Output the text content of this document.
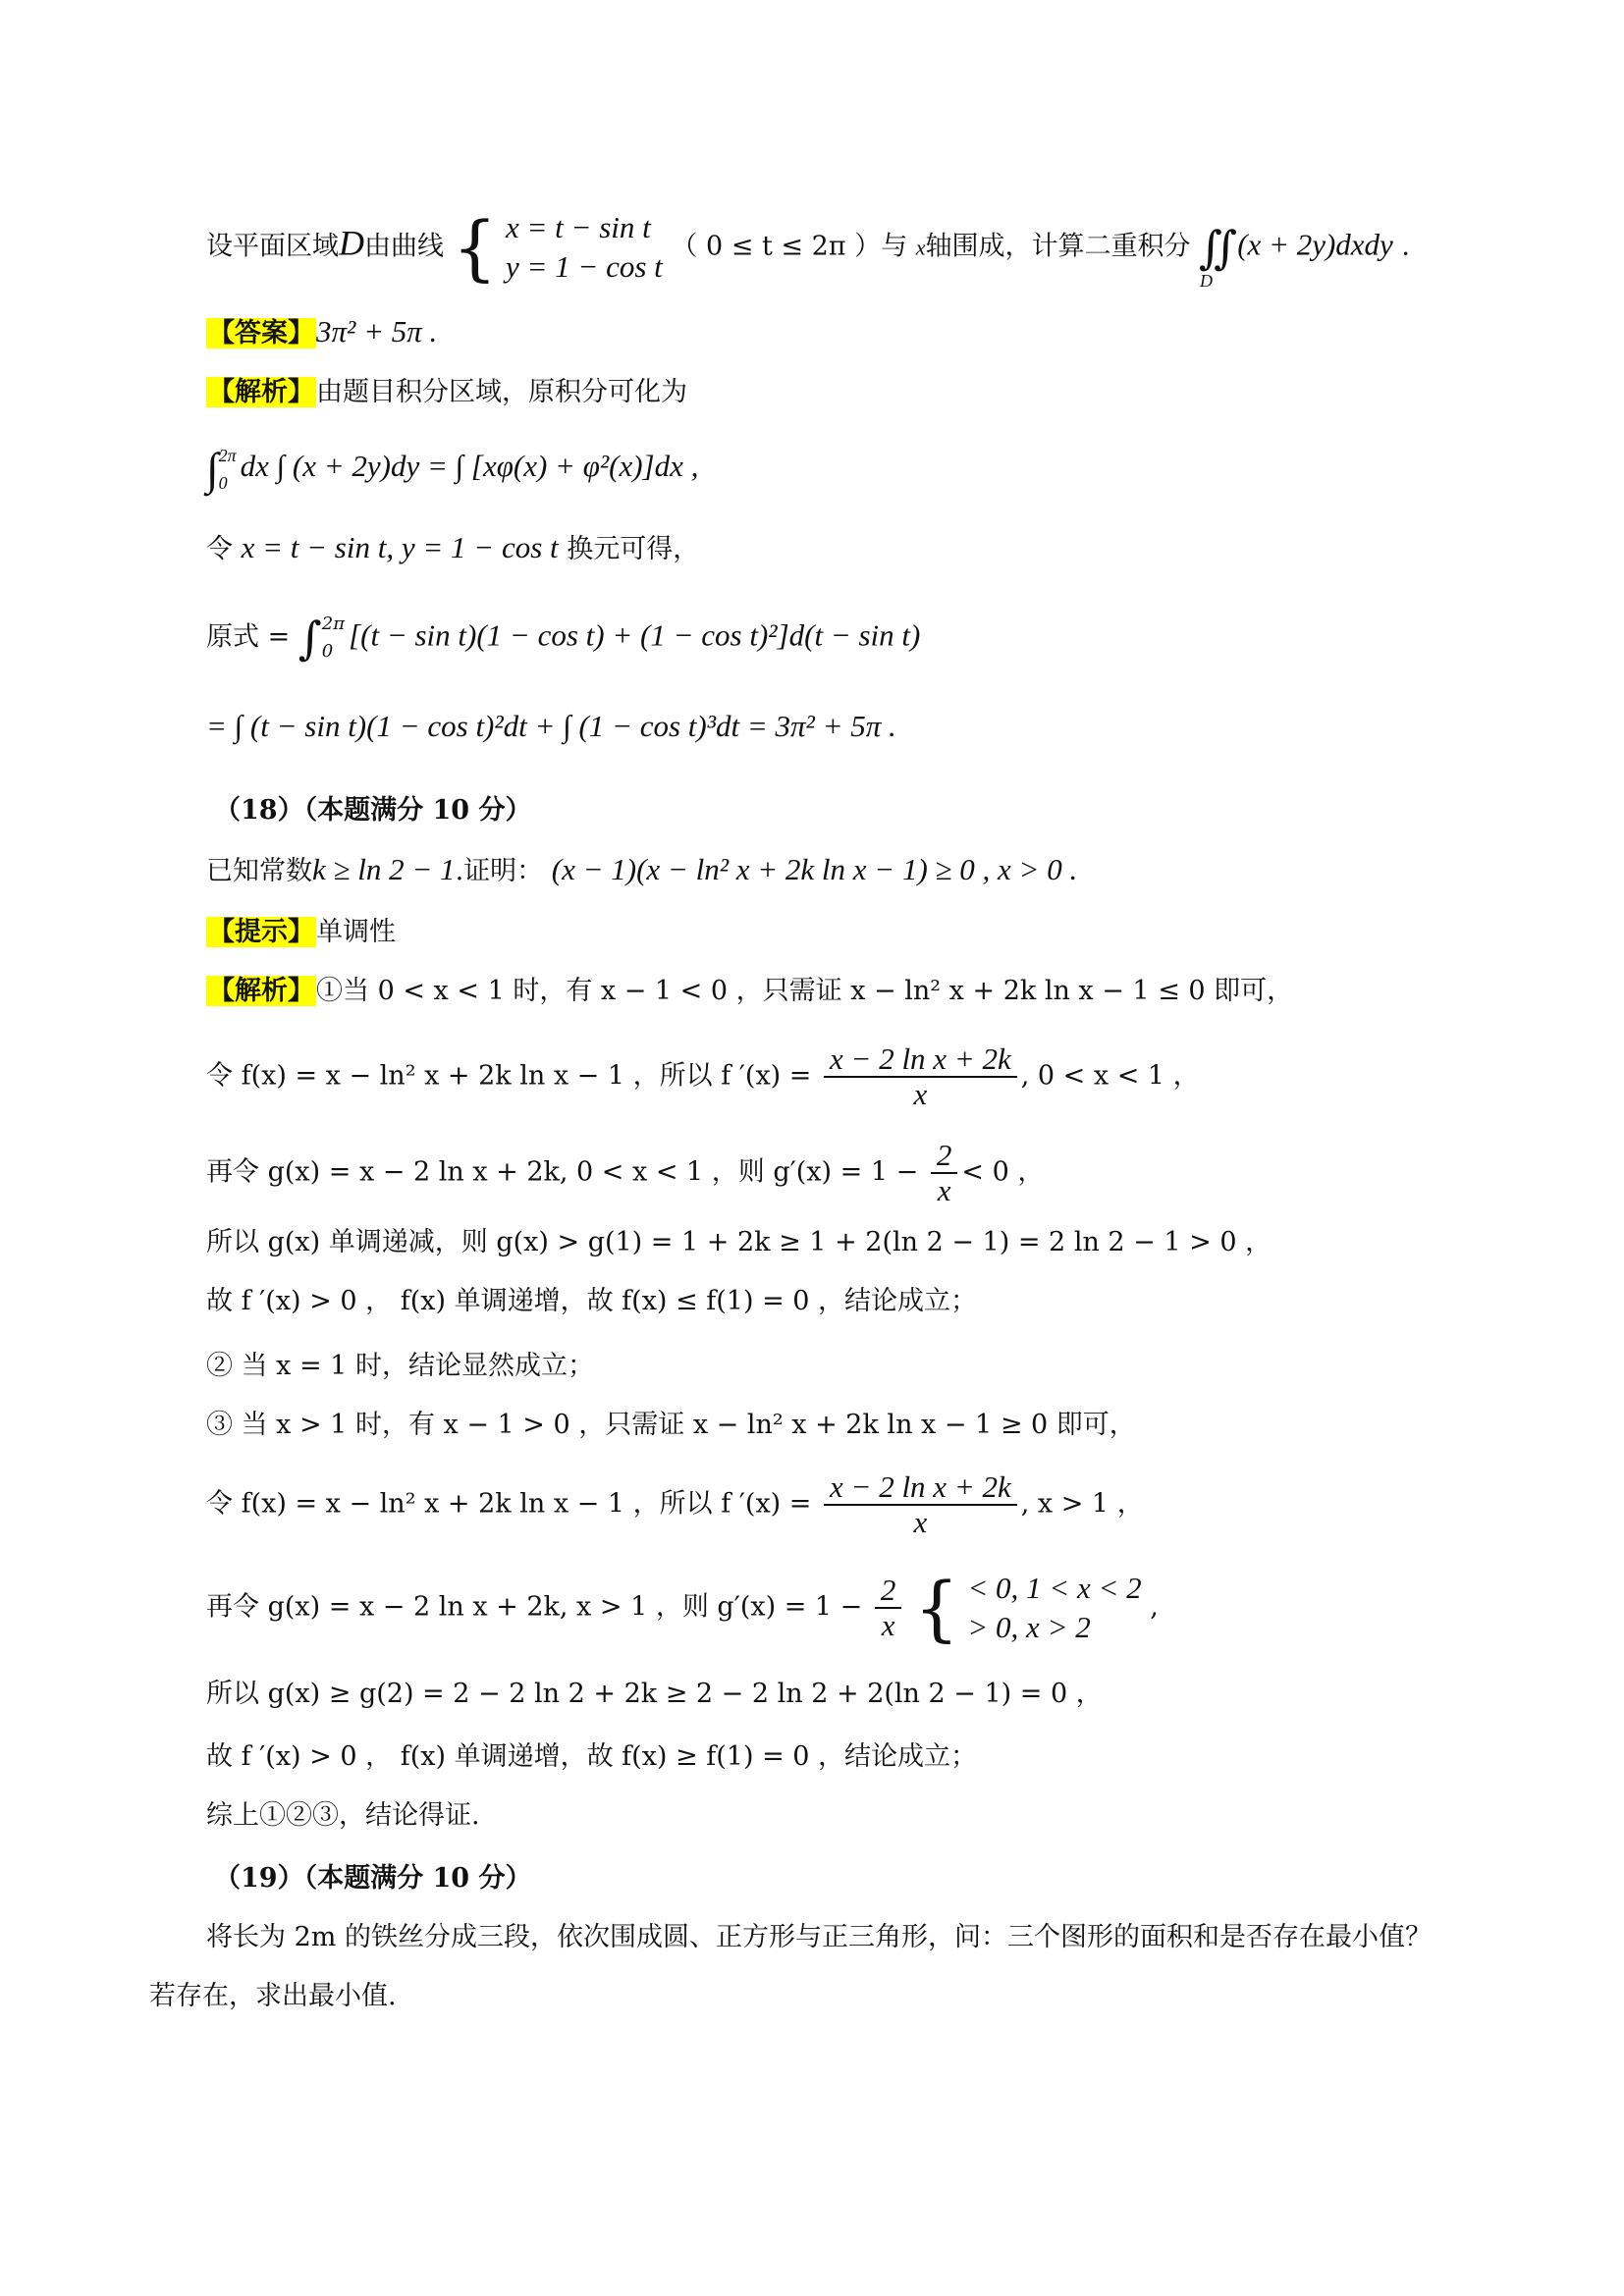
设平面区域D由曲线 { x = t − sin t
y = 1 − cos t
（ 0 ≤ t ≤ 2π ）与 x轴围成，计算二重积分 ∬(x + 2y)dxdy .
D
【答案】3π² + 5π .
【解析】由题目积分区域，原积分可化为
∫ 2π
0 dx ∫ (x + 2y)dy = ∫ [xφ(x) + φ²(x)]dx ,
令 x = t − sin t, y = 1 − cos t 换元可得，
原式 = ∫ 2π
0 [(t − sin t)(1 − cos t) + (1 − cos t)²]d(t − sin t)
= ∫ (t − sin t)(1 − cos t)²dt + ∫ (1 − cos t)³dt = 3π² + 5π .
（18）（本题满分 10 分）
已知常数k ≥ ln 2 − 1.证明： (x − 1)(x − ln² x + 2k ln x − 1) ≥ 0 , x > 0 .
【提示】单调性
【解析】①当 0 < x < 1 时，有 x − 1 < 0 ，只需证 x − ln² x + 2k ln x − 1 ≤ 0 即可，
令 f(x) = x − ln² x + 2k ln x − 1 ，所以 f $'(x) = \frac{\text{x − 2 ln x + 2k}}{x}$ , 0 < x < 1 ，
再令 g(x) = x − 2 ln x + 2k, 0 < x < 1 ，则 $g'(x) = 1 - \frac{2}{x} < 0$ ，
所以 g(x) 单调递减，则 g(x) > g(1) = 1 + 2k ≥ 1 + 2(ln 2 − 1) = 2 ln 2 − 1 > 0 ，
故 f ′(x) > 0 ， f(x) 单调递增，故 f(x) ≤ f(1) = 0 ，结论成立；
② 当 x = 1 时，结论显然成立；
③ 当 x > 1 时，有 x − 1 > 0 ，只需证 x − ln² x + 2k ln x − 1 ≥ 0 即可，
令 f(x) = x − ln² x + 2k ln x − 1 ，所以 f $'(x) = \frac{\text{x − 2 ln x + 2k}}{x}$ , x > 1 ，
再令 g(x) = x − 2 ln x + 2k, x > 1 ，则 $g'(x) = 1 - \frac{2}{x}$ { < 0, 1 < x < 2
> 0, x > 2
,
所以 g(x) ≥ g(2) = 2 − 2 ln 2 + 2k ≥ 2 − 2 ln 2 + 2(ln 2 − 1) = 0 ，
故 f ′(x) > 0 ， f(x) 单调递增，故 f(x) ≥ f(1) = 0 ，结论成立；
综上①②③，结论得证.
（19）（本题满分 10 分）
将长为 2m 的铁丝分成三段，依次围成圆、正方形与正三角形，问：三个图形的面积和是否存在最小值？
若存在，求出最小值.
